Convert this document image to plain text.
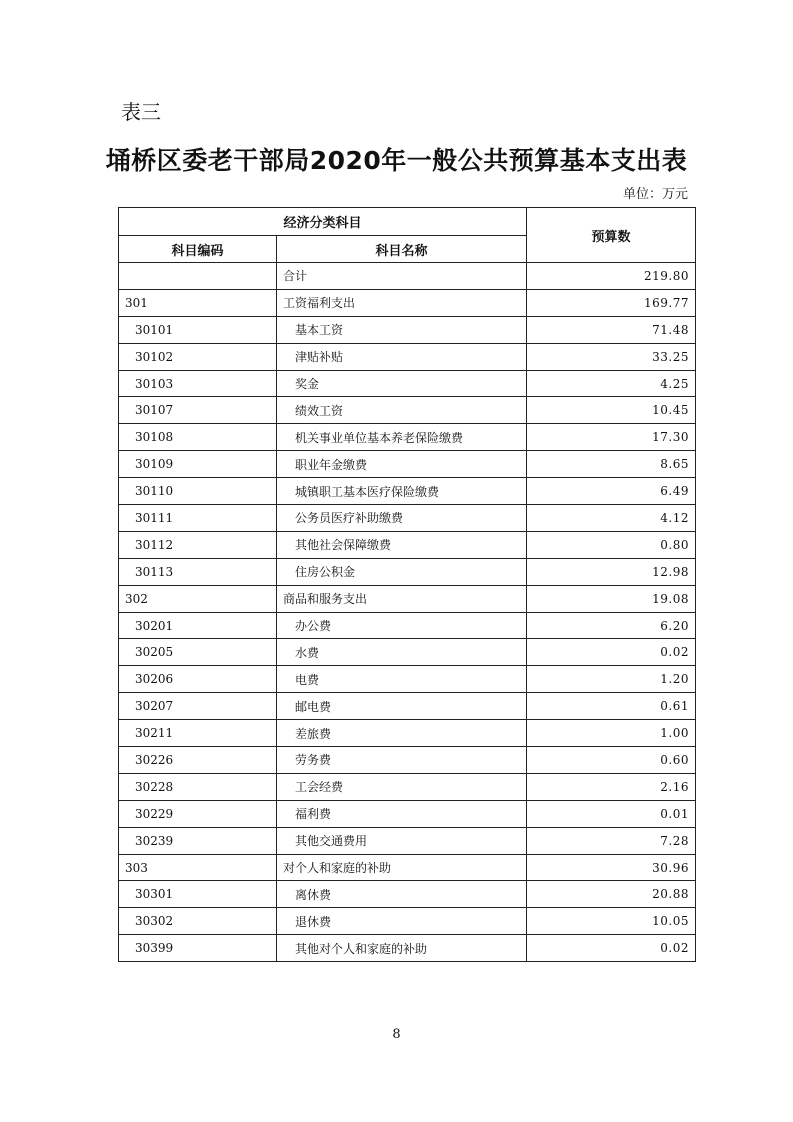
表三
埇桥区委老干部局2020年一般公共预算基本支出表
单位：万元
经济分类科目		预算数
科目编码	科目名称	
	合计	219.80
301	工资福利支出	169.77
30101	基本工资	71.48
30102	津贴补贴	33.25
30103	奖金	4.25
30107	绩效工资	10.45
30108	机关事业单位基本养老保险缴费	17.30
30109	职业年金缴费	8.65
30110	城镇职工基本医疗保险缴费	6.49
30111	公务员医疗补助缴费	4.12
30112	其他社会保障缴费	0.80
30113	住房公积金	12.98
302	商品和服务支出	19.08
30201	办公费	6.20
30205	水费	0.02
30206	电费	1.20
30207	邮电费	0.61
30211	差旅费	1.00
30226	劳务费	0.60
30228	工会经费	2.16
30229	福利费	0.01
30239	其他交通费用	7.28
303	对个人和家庭的补助	30.96
30301	离休费	20.88
30302	退休费	10.05
30399	其他对个人和家庭的补助	0.02
8
